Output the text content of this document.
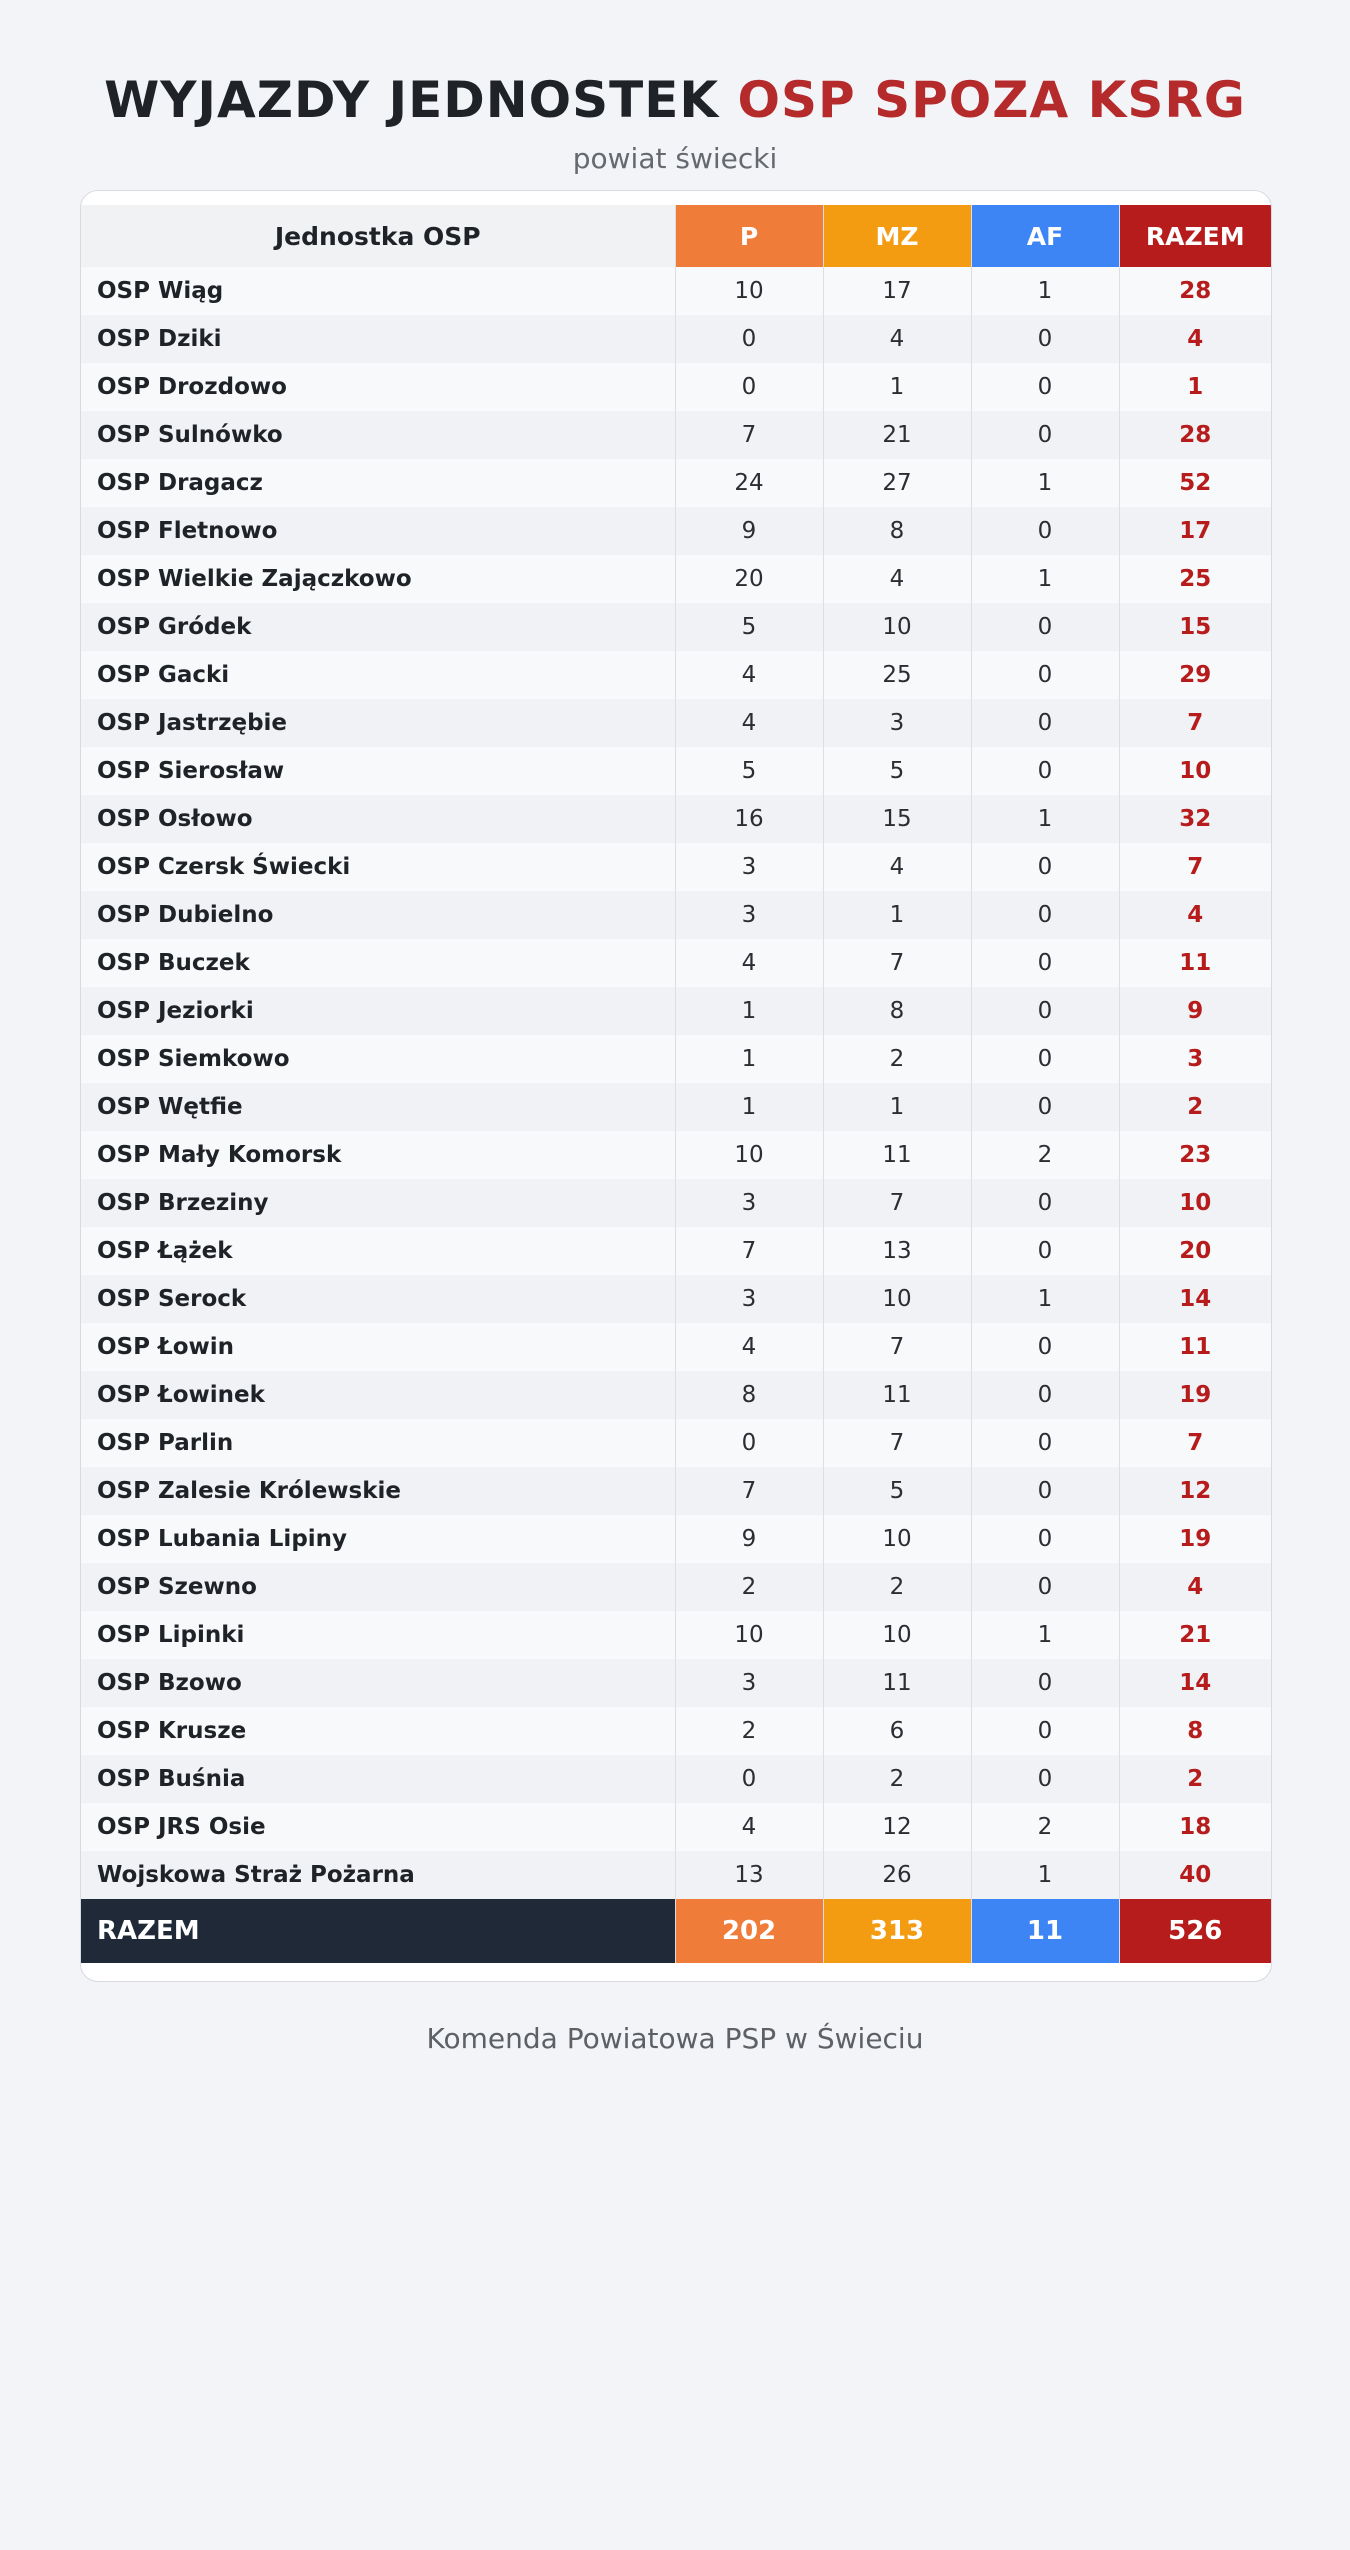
WYJAZDY JEDNOSTEK OSP SPOZA KSRG
powiat świecki
Jednostka OSP	P	MZ	AF	RAZEM
OSP Wiąg	10	17	1	28
OSP Dziki	0	4	0	4
OSP Drozdowo	0	1	0	1
OSP Sulnówko	7	21	0	28
OSP Dragacz	24	27	1	52
OSP Fletnowo	9	8	0	17
OSP Wielkie Zajączkowo	20	4	1	25
OSP Gródek	5	10	0	15
OSP Gacki	4	25	0	29
OSP Jastrzębie	4	3	0	7
OSP Sierosław	5	5	0	10
OSP Osłowo	16	15	1	32
OSP Czersk Świecki	3	4	0	7
OSP Dubielno	3	1	0	4
OSP Buczek	4	7	0	11
OSP Jeziorki	1	8	0	9
OSP Siemkowo	1	2	0	3
OSP Wętfie	1	1	0	2
OSP Mały Komorsk	10	11	2	23
OSP Brzeziny	3	7	0	10
OSP Łążek	7	13	0	20
OSP Serock	3	10	1	14
OSP Łowin	4	7	0	11
OSP Łowinek	8	11	0	19
OSP Parlin	0	7	0	7
OSP Zalesie Królewskie	7	5	0	12
OSP Lubania Lipiny	9	10	0	19
OSP Szewno	2	2	0	4
OSP Lipinki	10	10	1	21
OSP Bzowo	3	11	0	14
OSP Krusze	2	6	0	8
OSP Buśnia	0	2	0	2
OSP JRS Osie	4	12	2	18
Wojskowa Straż Pożarna	13	26	1	40
RAZEM	202	313	11	526
Komenda Powiatowa PSP w Świeciu
